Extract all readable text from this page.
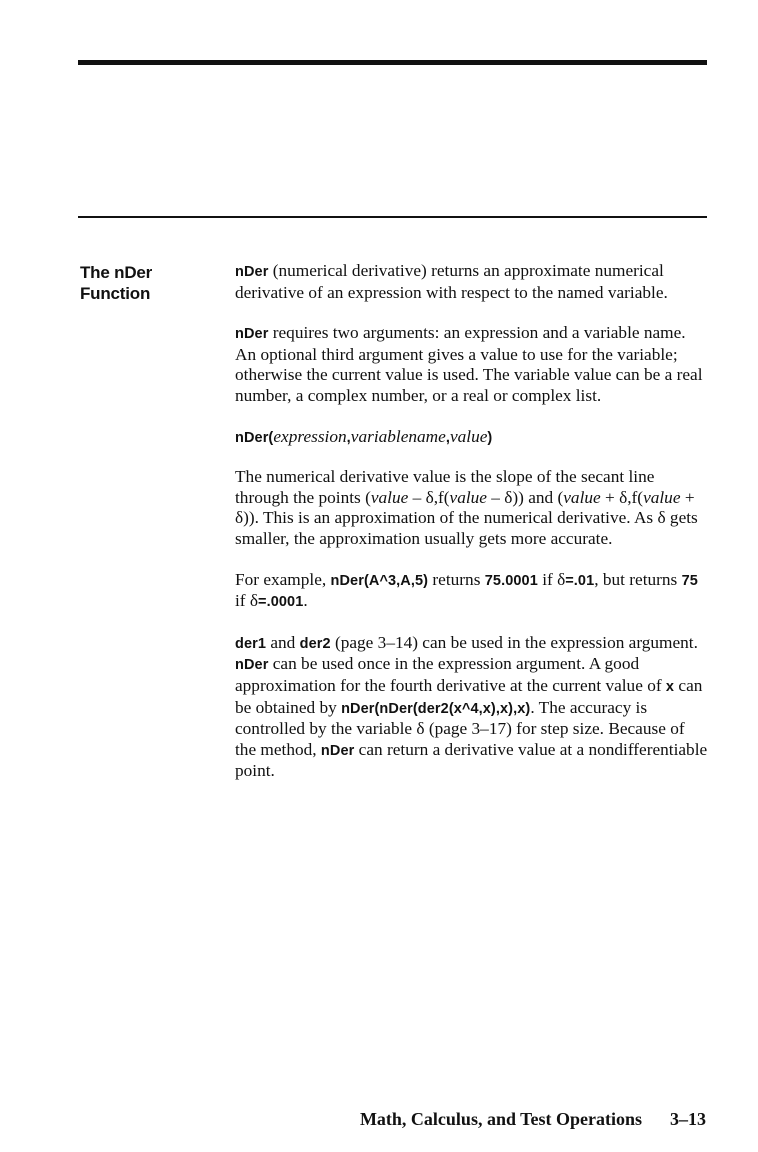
The nDer
Function

nDer (numerical derivative) returns an approximate numerical derivative of an expression with respect to the named variable.

nDer requires two arguments: an expression and a variable name. An optional third argument gives a value to use for the variable; otherwise the current value is used. The variable value can be a real number, a complex number, or a real or complex list.

nDer(expression,variablename,value)

The numerical derivative value is the slope of the secant line through the points (value – δ,f(value – δ)) and (value + δ,f(value + δ)). This is an approximation of the numerical derivative. As δ gets smaller, the approximation usually gets more accurate.

For example, nDer(A^3,A,5) returns 75.0001 if δ=.01, but returns 75 if δ=.0001.

der1 and der2 (page 3–14) can be used in the expression argument. nDer can be used once in the expression argument. A good approximation for the fourth derivative at the current value of x can be obtained by nDer(nDer(der2(x^4,x),x),x). The accuracy is controlled by the variable δ (page 3–17) for step size. Because of the method, nDer can return a derivative value at a nondifferentiable point.

Math, Calculus, and Test Operations 3–13
